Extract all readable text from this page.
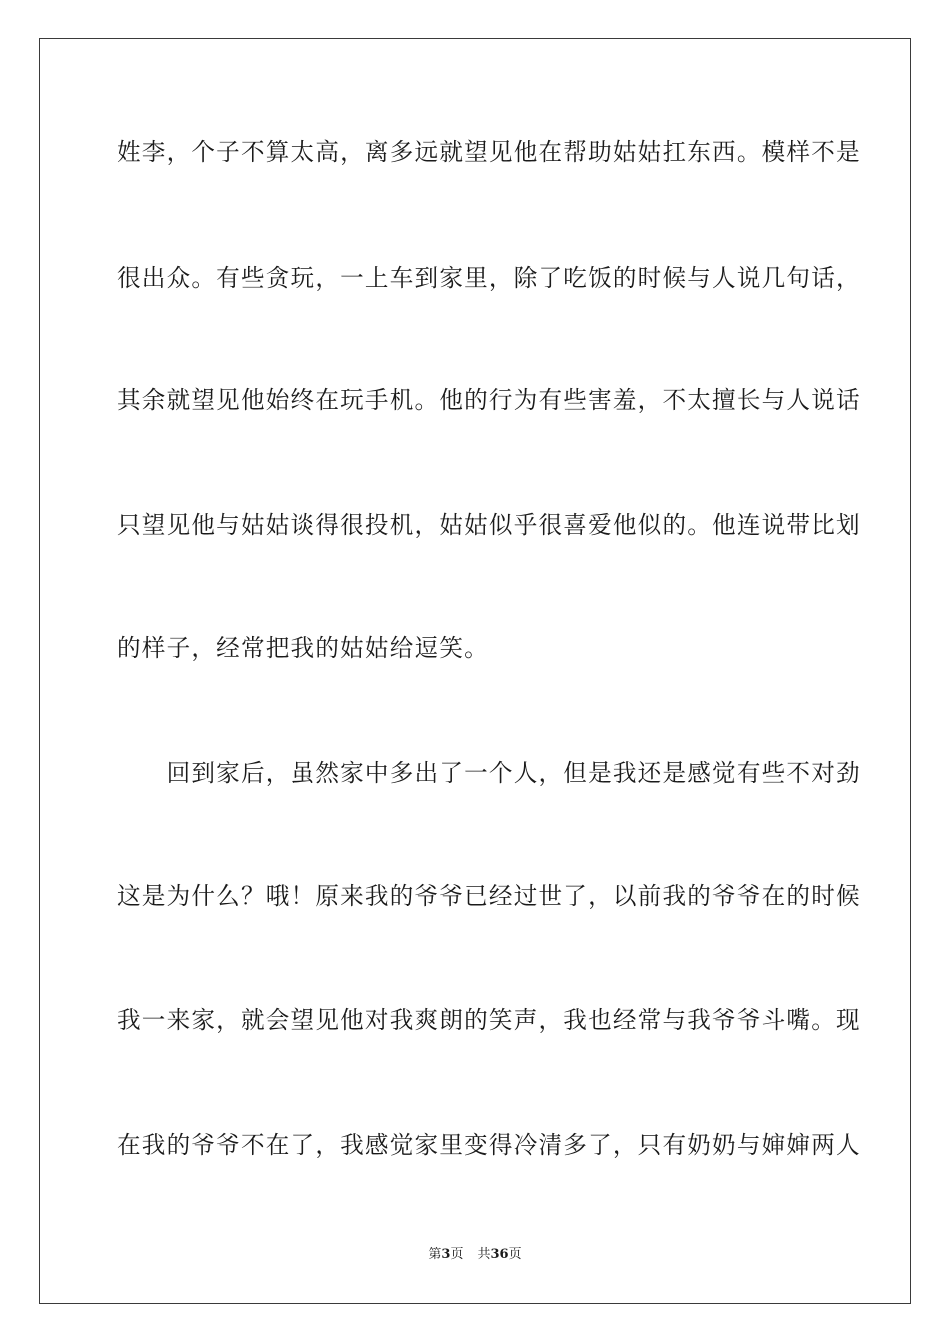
姓李，个子不算太高，离多远就望见他在帮助姑姑扛东西。模样不是
很出众。有些贪玩，一上车到家里，除了吃饭的时候与人说几句话，
其余就望见他始终在玩手机。他的行为有些害羞，不太擅长与人说话
只望见他与姑姑谈得很投机，姑姑似乎很喜爱他似的。他连说带比划
的样子，经常把我的姑姑给逗笑。
　　回到家后，虽然家中多出了一个人，但是我还是感觉有些不对劲
这是为什么？哦！原来我的爷爷已经过世了，以前我的爷爷在的时候
我一来家，就会望见他对我爽朗的笑声，我也经常与我爷爷斗嘴。现
在我的爷爷不在了，我感觉家里变得冷清多了，只有奶奶与婶婶两人
第3页 共36页
